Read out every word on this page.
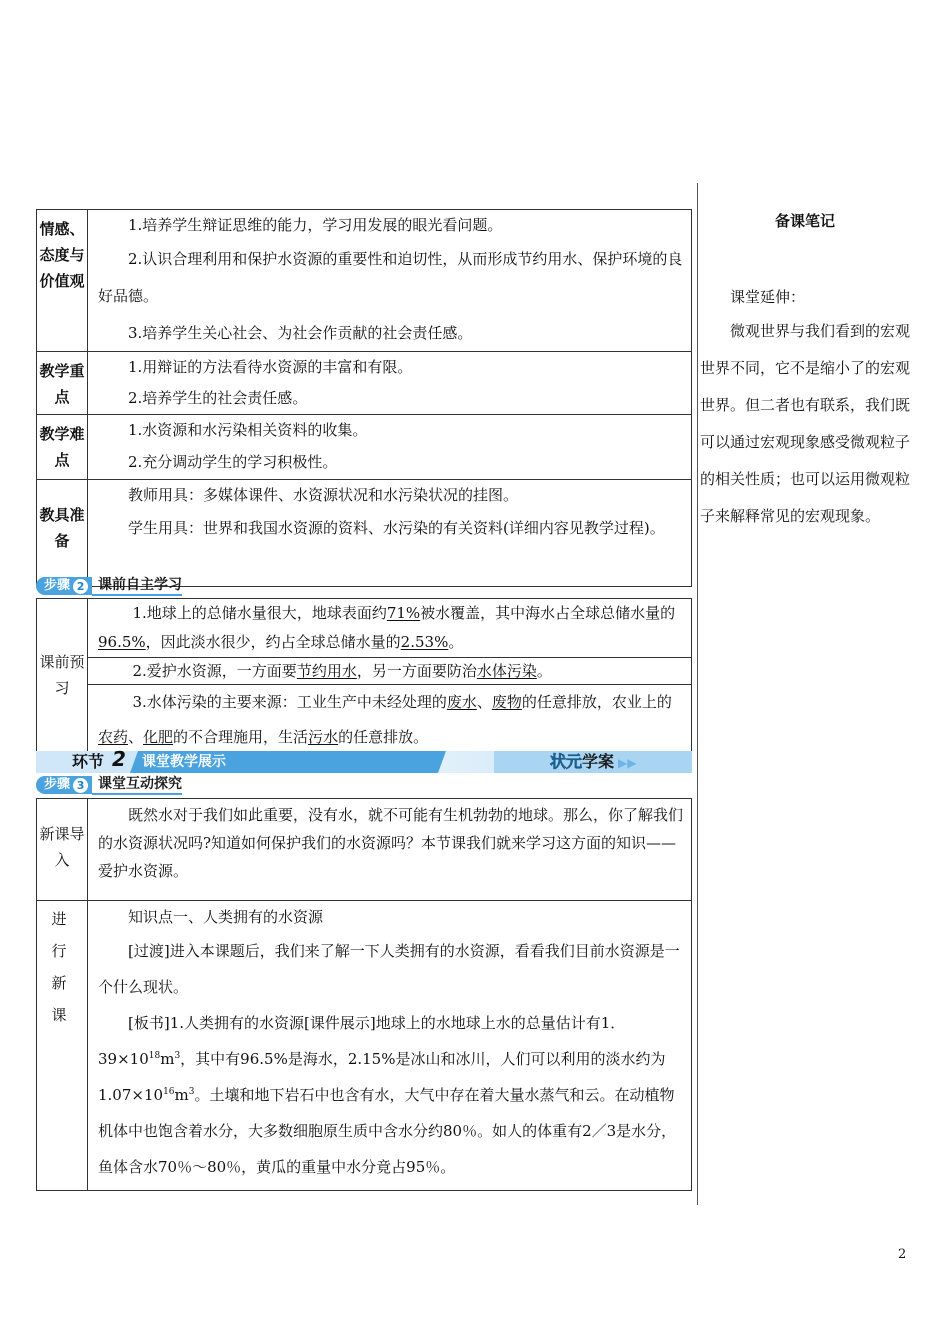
情感、态度与价值观	1.培养学生辩证思维的能力，学习用发展的眼光看问题。

2.认识合理利用和保护水资源的重要性和迫切性，从而形成节约用水、保护环境的良好品德。

3.培养学生关心社会、为社会作贡献的社会责任感。

教学重点	1.用辩证的方法看待水资源的丰富和有限。

2.培养学生的社会责任感。

教学难点	1.水资源和水污染相关资料的收集。

2.充分调动学生的学习积极性。

教具准备	教师用具：多媒体课件、水资源状况和水污染状况的挂图。

学生用具：世界和我国水资源的资料、水污染的有关资料(详细内容见教学过程)。

步骤 2 课前自主学习
课前预习	

1.地球上的总储水量很大，地球表面约71%被水覆盖，其中海水占全球总储水量的96.5%，因此淡水很少，约占全球总储水量的2.53%。

2.爱护水资源，一方面要节约用水，另一方面要防治水体污染。

3.水体污染的主要来源：工业生产中未经处理的废水、废物的任意排放，农业上的农药、化肥的不合理施用，生活污水的任意排放。

环节 2	课堂教学展示	状元学案 ▶▶
步骤 3 课堂互动探究
新课导入	既然水对于我们如此重要，没有水，就不可能有生机勃勃的地球。那么，你了解我们的水资源状况吗?知道如何保护我们的水资源吗？本节课我们就来学习这方面的知识——爱护水资源。

进行新课	知识点一、人类拥有的水资源

[过渡]进入本课题后，我们来了解一下人类拥有的水资源，看看我们目前水资源是一个什么现状。

[板书]1.人类拥有的水资源[课件展示]地球上的水地球上水的总量估计有1．$39\times 10^{18}m^3$，其中有96.5%是海水，2.15%是冰山和冰川，人们可以利用的淡水约为$1.07\times 10^{16}m^3$。土壤和地下岩石中也含有水，大气中存在着大量水蒸气和云。在动植物机体中也饱含着水分，大多数细胞原生质中含水分约80％。如人的体重有2／3是水分，鱼体含水70％～80％，黄瓜的重量中水分竟占95％。

备课笔记
课堂延伸：

微观世界与我们看到的宏观世界不同，它不是缩小了的宏观世界。但二者也有联系，我们既可以通过宏观现象感受微观粒子的相关性质；也可以运用微观粒子来解释常见的宏观现象。

2
